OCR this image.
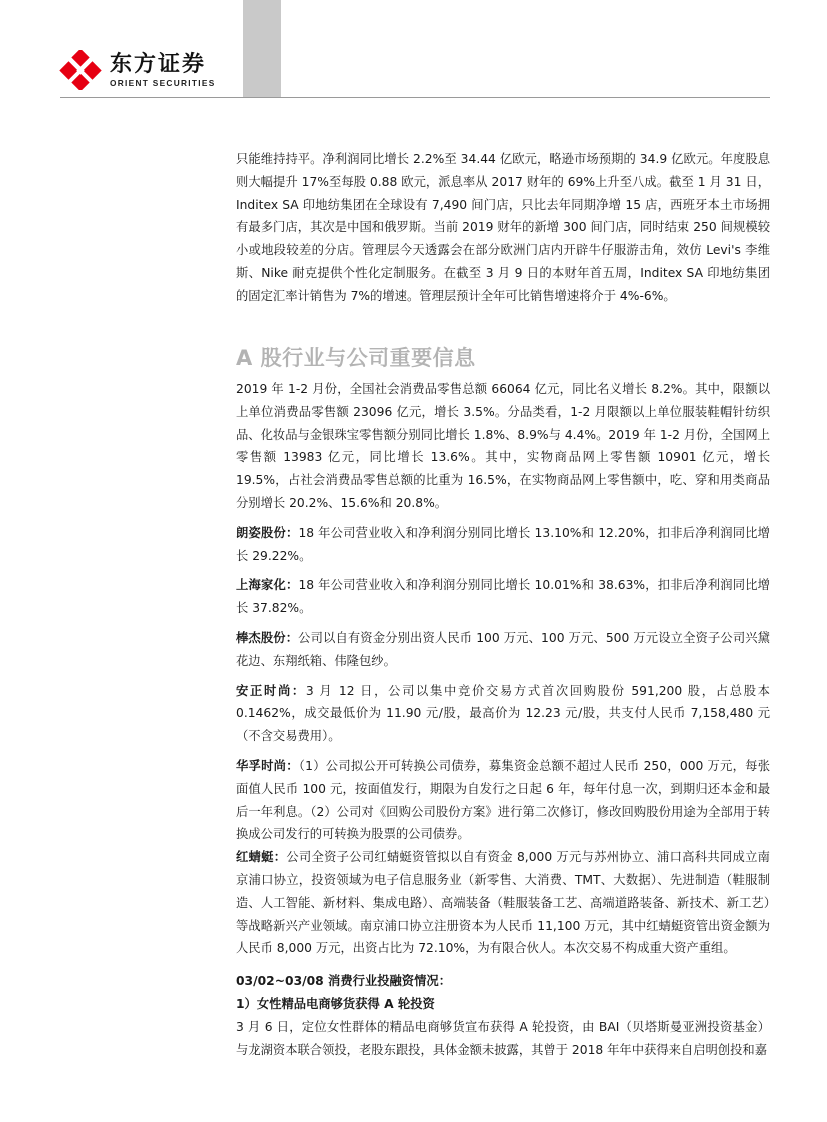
东方证券
ORIENT SECURITIES

只能维持持平。净利润同比增长 2.2%至 34.44 亿欧元，略逊市场预期的 34.9 亿欧元。年度股息则大幅提升 17%至每股 0.88 欧元，派息率从 2017 财年的 69%上升至八成。截至 1 月 31 日，Inditex SA 印地纺集团在全球设有 7,490 间门店，只比去年同期净增 15 店，西班牙本土市场拥有最多门店，其次是中国和俄罗斯。当前 2019 财年的新增 300 间门店，同时结束 250 间规模较小或地段较差的分店。管理层今天透露会在部分欧洲门店内开辟牛仔服游击角，效仿 Levi's 李维斯、Nike 耐克提供个性化定制服务。在截至 3 月 9 日的本财年首五周，Inditex SA 印地纺集团的固定汇率计销售为 7%的增速。管理层预计全年可比销售增速将介于 4%-6%。

A 股行业与公司重要信息

2019 年 1-2 月份，全国社会消费品零售总额 66064 亿元，同比名义增长 8.2%。其中，限额以上单位消费品零售额 23096 亿元，增长 3.5%。分品类看，1-2 月限额以上单位服装鞋帽针纺织品、化妆品与金银珠宝零售额分别同比增长 1.8%、8.9%与 4.4%。2019 年 1-2 月份，全国网上零售额 13983 亿元，同比增长 13.6%。其中，实物商品网上零售额 10901 亿元，增长 19.5%，占社会消费品零售总额的比重为 16.5%，在实物商品网上零售额中，吃、穿和用类商品分别增长 20.2%、15.6%和 20.8%。

朗姿股份：18 年公司营业收入和净利润分别同比增长 13.10%和 12.20%，扣非后净利润同比增长 29.22%。

上海家化：18 年公司营业收入和净利润分别同比增长 10.01%和 38.63%，扣非后净利润同比增长 37.82%。

棒杰股份：公司以自有资金分别出资人民币 100 万元、100 万元、500 万元设立全资子公司兴黛花边、东翔纸箱、伟隆包纱。

安正时尚：3 月 12 日，公司以集中竞价交易方式首次回购股份 591,200 股，占总股本 0.1462%，成交最低价为 11.90 元/股，最高价为 12.23 元/股，共支付人民币 7,158,480 元（不含交易费用）。

华孚时尚：（1）公司拟公开可转换公司债券，募集资金总额不超过人民币 250，000 万元，每张面值人民币 100 元，按面值发行，期限为自发行之日起 6 年，每年付息一次，到期归还本金和最后一年利息。（2）公司对《回购公司股份方案》进行第二次修订，修改回购股份用途为全部用于转换成公司发行的可转换为股票的公司债券。

红蜻蜓：公司全资子公司红蜻蜓资管拟以自有资金 8,000 万元与苏州协立、浦口高科共同成立南京浦口协立，投资领域为电子信息服务业（新零售、大消费、TMT、大数据）、先进制造（鞋服制造、人工智能、新材料、集成电路）、高端装备（鞋服装备工艺、高端道路装备、新技术、新工艺）等战略新兴产业领域。南京浦口协立注册资本为人民币 11,100 万元，其中红蜻蜓资管出资金额为人民币 8,000 万元，出资占比为 72.10%，为有限合伙人。本次交易不构成重大资产重组。

03/02~03/08 消费行业投融资情况：

1）女性精品电商够货获得 A 轮投资

3 月 6 日，定位女性群体的精品电商够货宣布获得 A 轮投资，由 BAI（贝塔斯曼亚洲投资基金）与龙湖资本联合领投，老股东跟投，具体金额未披露，其曾于 2018 年年中获得来自启明创投和嘉
